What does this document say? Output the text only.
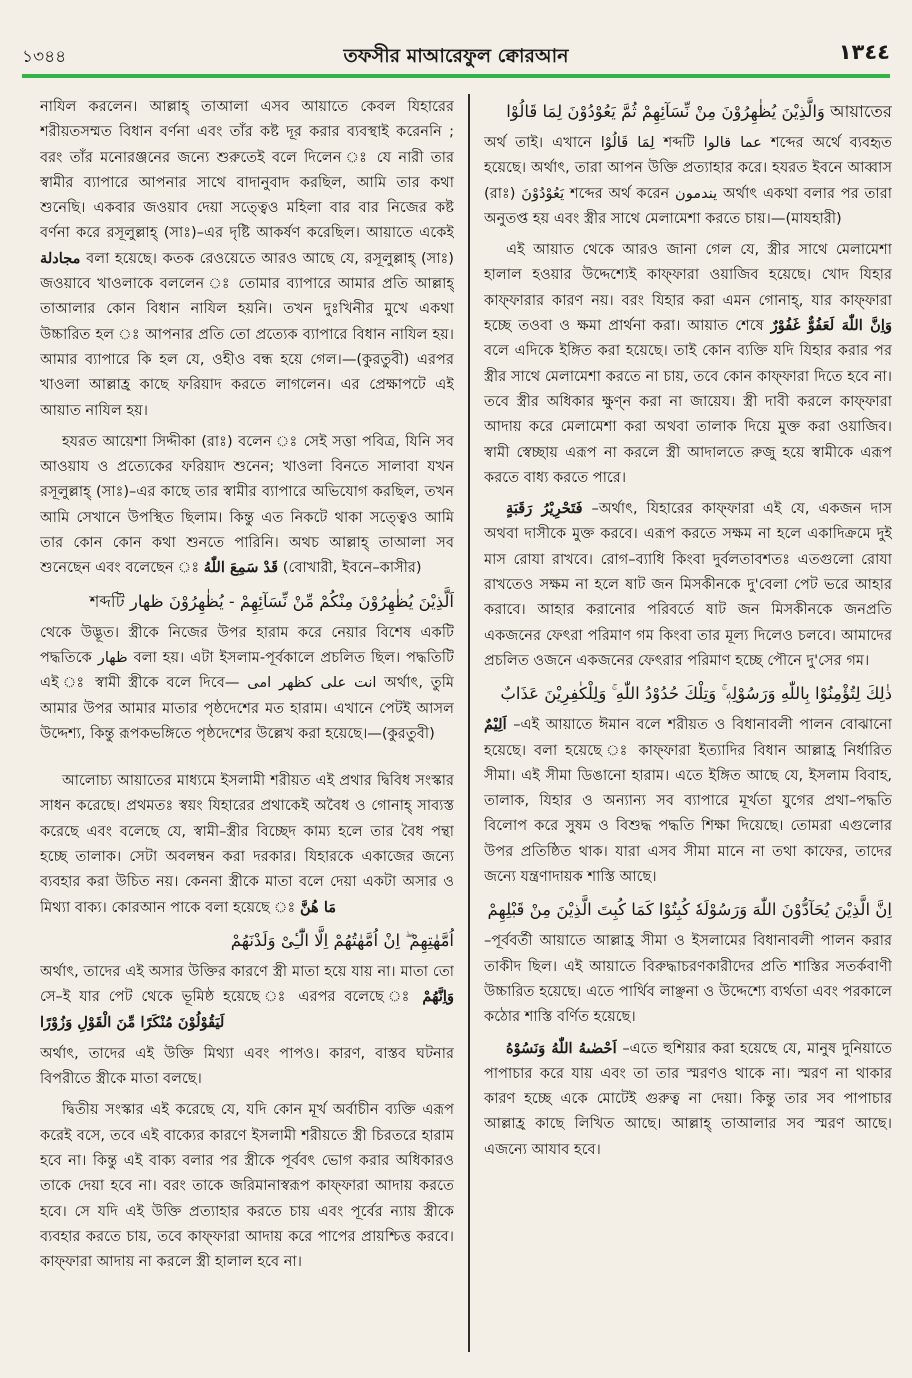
১৩৪৪	তফসীর মাআরেফুল ক্বোরআন	١٣٤٤

নাযিল করলেন। আল্লাহ্ তাআলা এসব আয়াতে কেবল যিহারের শরীয়তসম্মত বিধান বর্ণনা এবং তাঁর কষ্ট দূর করার ব্যবস্থাই করেননি ; বরং তাঁর মনোরঞ্জনের জন্যে শুরুতেই বলে দিলেন ঃ যে নারী তার স্বামীর ব্যাপারে আপনার সাথে বাদানুবাদ করছিল, আমি তার কথা শুনেছি। একবার জওয়াব দেয়া সত্ত্বেও মহিলা বার বার নিজের কষ্ট বর্ণনা করে রসূলুল্লাহ্ (সাঃ)–এর দৃষ্টি আকর্ষণ করেছিল। আয়াতে একেই مجادلة বলা হয়েছে। কতক রেওয়েতে আরও আছে যে, রসূলুল্লাহ্ (সাঃ) জওয়াবে খাওলাকে বললেন ঃ তোমার ব্যাপারে আমার প্রতি আল্লাহ্ তাআলার কোন বিধান নাযিল হয়নি। তখন দুঃখিনীর মুখে একথা উচ্চারিত হল ঃ আপনার প্রতি তো প্রত্যেক ব্যাপারে বিধান নাযিল হয়। আমার ব্যাপারে কি হল যে, ওহীও বন্ধ হয়ে গেল।—(কুরতুবী) এরপর খাওলা আল্লাহ্র কাছে ফরিয়াদ করতে লাগলেন। এর প্রেক্ষাপটে এই আয়াত নাযিল হয়।

হযরত আয়েশা সিদ্দীকা (রাঃ) বলেন ঃ সেই সত্তা পবিত্র, যিনি সব আওয়ায ও প্রত্যেকের ফরিয়াদ শুনেন; খাওলা বিনতে সালাবা যখন রসূলুল্লাহ্ (সাঃ)–এর কাছে তার স্বামীর ব্যাপারে অভিযোগ করছিল, তখন আমি সেখানে উপস্থিত ছিলাম। কিন্তু এত নিকটে থাকা সত্ত্বেও আমি তার কোন কোন কথা শুনতে পারিনি। অথচ আল্লাহ্ তাআলা সব শুনেছেন এবং বলেছেন ঃ قَدْ سَمِعَ اللّٰهُ (বোখারী, ইবনে–কাসীর)

اَلَّذِيْنَ يُظٰهِرُوْنَ مِنْكُمْ مِّنْ نِّسَآئِهِمْ - يُظٰهِرُوْنَ ظهار শব্দটি

থেকে উদ্ভূত। স্ত্রীকে নিজের উপর হারাম করে নেয়ার বিশেষ একটি পদ্ধতিকে ظهار বলা হয়। এটা ইসলাম-পূর্বকালে প্রচলিত ছিল। পদ্ধতিটি এই ঃ স্বামী স্ত্রীকে বলে দিবে— انت على كظهر امى অর্থাৎ, তুমি আমার উপর আমার মাতার পৃষ্ঠদেশের মত হারাম। এখানে পেটই আসল উদ্দেশ্য, কিন্তু রূপকভঙ্গিতে পৃষ্ঠদেশের উল্লেখ করা হয়েছে।—(কুরতুবী)

আলোচ্য আয়াতের মাধ্যমে ইসলামী শরীয়ত এই প্রথার দ্বিবিধ সংস্কার সাধন করেছে। প্রথমতঃ স্বয়ং যিহারের প্রথাকেই অবৈধ ও গোনাহ্ সাব্যস্ত করেছে এবং বলেছে যে, স্বামী–স্ত্রীর বিচ্ছেদ কাম্য হলে তার বৈধ পন্থা হচ্ছে তালাক। সেটা অবলম্বন করা দরকার। যিহারকে একাজের জন্যে ব্যবহার করা উচিত নয়। কেননা স্ত্রীকে মাতা বলে দেয়া একটা অসার ও মিথ্যা বাক্য। কোরআন পাকে বলা হয়েছে ঃ مَا هُنَّ

اُمَّهٰتِهِمْ ۖ اِنْ اُمَّهٰتُهُمْ اِلَّا الّٰٓـِٔیْ وَلَدْنَهُمْ

অর্থাৎ, তাদের এই অসার উক্তির কারণে স্ত্রী মাতা হয়ে যায় না। মাতা তো সে–ই যার পেট থেকে ভূমিষ্ঠ হয়েছে ঃ এরপর বলেছে ঃ وَاِنَّهُمْ لَيَقُوْلُوْنَ مُنْكَرًا مِّنَ الْقَوْلِ وَزُوْرًا

অর্থাৎ, তাদের এই উক্তি মিথ্যা এবং পাপও। কারণ, বাস্তব ঘটনার বিপরীতে স্ত্রীকে মাতা বলছে।

দ্বিতীয় সংস্কার এই করেছে যে, যদি কোন মূর্খ অর্বাচীন ব্যক্তি এরূপ করেই বসে, তবে এই বাক্যের কারণে ইসলামী শরীয়তে স্ত্রী চিরতরে হারাম হবে না। কিন্তু এই বাক্য বলার পর স্ত্রীকে পূর্ববৎ ভোগ করার অধিকারও তাকে দেয়া হবে না। বরং তাকে জরিমানাস্বরূপ কাফ্ফারা আদায় করতে হবে। সে যদি এই উক্তি প্রত্যাহার করতে চায় এবং পূর্বের ন্যায় স্ত্রীকে ব্যবহার করতে চায়, তবে কাফ্ফারা আদায় করে পাপের প্রায়শ্চিত্ত করবে। কাফ্ফারা আদায় না করলে স্ত্রী হালাল হবে না।

আয়াতের وَالَّذِيْنَ يُظٰهِرُوْنَ مِنْ نِّسَآئِهِمْ ثُمَّ يَعُوْدُوْنَ لِمَا قَالُوْا

অর্থ তাই। এখানে لِمَا قَالُوْا শব্দটি عما قالوا শব্দের অর্থে ব্যবহৃত হয়েছে। অর্থাৎ, তারা আপন উক্তি প্রত্যাহার করে। হযরত ইবনে আব্বাস (রাঃ) يَعُوْدُوْنَ শব্দের অর্থ করেন يندمون অর্থাৎ একথা বলার পর তারা অনুতপ্ত হয় এবং স্ত্রীর সাথে মেলামেশা করতে চায়।—(মাযহারী)

এই আয়াত থেকে আরও জানা গেল যে, স্ত্রীর সাথে মেলামেশা হালাল হওয়ার উদ্দেশ্যেই কাফ্ফারা ওয়াজিব হয়েছে। খোদ যিহার কাফ্ফারার কারণ নয়। বরং যিহার করা এমন গোনাহ্, যার কাফ্ফারা হচ্ছে তওবা ও ক্ষমা প্রার্থনা করা। আয়াত শেষে وَاِنَّ اللّٰهَ لَعَفُوٌّ غَفُوْرٌ বলে এদিকে ইঙ্গিত করা হয়েছে। তাই কোন ব্যক্তি যদি যিহার করার পর স্ত্রীর সাথে মেলামেশা করতে না চায়, তবে কোন কাফ্ফারা দিতে হবে না। তবে স্ত্রীর অধিকার ক্ষুণ্ন করা না জায়েয। স্ত্রী দাবী করলে কাফ্ফারা আদায় করে মেলামেশা করা অথবা তালাক দিয়ে মুক্ত করা ওয়াজিব। স্বামী স্বেচ্ছায় এরূপ না করলে স্ত্রী আদালতে রুজু হয়ে স্বামীকে এরূপ করতে বাধ্য করতে পারে।

فَتَحْرِيْرُ رَقَبَةٍ –অর্থাৎ, যিহারের কাফ্ফারা এই যে, একজন দাস অথবা দাসীকে মুক্ত করবে। এরূপ করতে সক্ষম না হলে একাদিক্রমে দুই মাস রোযা রাখবে। রোগ–ব্যাধি কিংবা দুর্বলতাবশতঃ এতগুলো রোযা রাখতেও সক্ষম না হলে ষাট জন মিসকীনকে দু'বেলা পেট ভরে আহার করাবে। আহার করানোর পরিবর্তে ষাট জন মিসকীনকে জনপ্রতি একজনের ফেৎরা পরিমাণ গম কিংবা তার মূল্য দিলেও চলবে। আমাদের প্রচলিত ওজনে একজনের ফেৎরার পরিমাণ হচ্ছে পৌনে দু'সের গম।

ذٰلِكَ لِتُؤْمِنُوْا بِاللّٰهِ وَرَسُوْلِهٖ ۚ وَتِلْكَ حُدُوْدُ اللّٰهِ ۚ وَلِلْكٰفِرِيْنَ عَذَابٌ

اَلِيْمٌ –এই আয়াতে ঈমান বলে শরীয়ত ও বিধানাবলী পালন বোঝানো হয়েছে। বলা হয়েছে ঃ কাফ্ফারা ইত্যাদির বিধান আল্লাহ্র নির্ধারিত সীমা। এই সীমা ডিঙানো হারাম। এতে ইঙ্গিত আছে যে, ইসলাম বিবাহ, তালাক, যিহার ও অন্যান্য সব ব্যাপারে মূর্খতা যুগের প্রথা–পদ্ধতি বিলোপ করে সুষম ও বিশুদ্ধ পদ্ধতি শিক্ষা দিয়েছে। তোমরা এগুলোর উপর প্রতিষ্ঠিত থাক। যারা এসব সীমা মানে না তথা কাফের, তাদের জন্যে যন্ত্রণাদায়ক শাস্তি আছে।

اِنَّ الَّذِيْنَ يُحَآدُّوْنَ اللّٰهَ وَرَسُوْلَهٗ كُبِتُوْا كَمَا كُبِتَ الَّذِيْنَ مِنْ قَبْلِهِمْ

–পূর্ববর্তী আয়াতে আল্লাহ্র সীমা ও ইসলামের বিধানাবলী পালন করার তাকীদ ছিল। এই আয়াতে বিরুদ্ধাচরণকারীদের প্রতি শাস্তির সতর্কবাণী উচ্চারিত হয়েছে। এতে পার্থিব লাঞ্ছনা ও উদ্দেশ্যে ব্যর্থতা এবং পরকালে কঠোর শাস্তি বর্ণিত হয়েছে।

اَحْصٰىهُ اللّٰهُ وَنَسُوْهُ –এতে হুশিয়ার করা হয়েছে যে, মানুষ দুনিয়াতে পাপাচার করে যায় এবং তা তার স্মরণও থাকে না। স্মরণ না থাকার কারণ হচ্ছে একে মোটেই গুরুত্ব না দেয়া। কিন্তু তার সব পাপাচার আল্লাহ্র কাছে লিখিত আছে। আল্লাহ্ তাআলার সব স্মরণ আছে। এজন্যে আযাব হবে।
